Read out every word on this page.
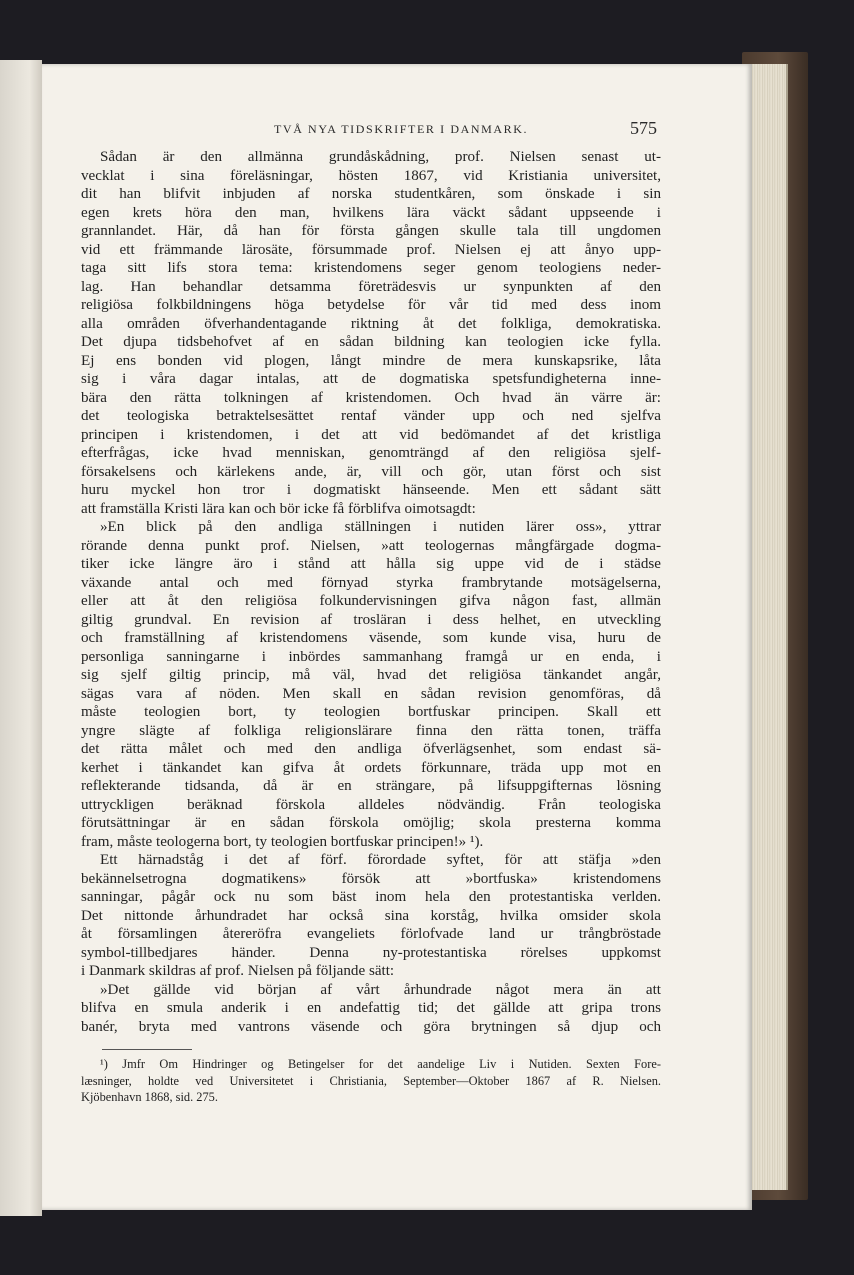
TVÅ NYA TIDSKRIFTER I DANMARK.	575
Sådan är den allmänna grundåskådning, prof. Nielsen senast ut-
vecklat i sina föreläsningar, hösten 1867, vid Kristiania universitet,
dit han blifvit inbjuden af norska studentkåren, som önskade i sin
egen krets höra den man, hvilkens lära väckt sådant uppseende i
grannlandet. Här, då han för första gången skulle tala till ungdomen
vid ett främmande lärosäte, försummade prof. Nielsen ej att ånyo upp-
taga sitt lifs stora tema: kristendomens seger genom teologiens neder-
lag. Han behandlar detsamma företrädesvis ur synpunkten af den
religiösa folkbildningens höga betydelse för vår tid med dess inom
alla områden öfverhandentagande riktning åt det folkliga, demokratiska.
Det djupa tidsbehofvet af en sådan bildning kan teologien icke fylla.
Ej ens bonden vid plogen, långt mindre de mera kunskapsrike, låta
sig i våra dagar intalas, att de dogmatiska spetsfundigheterna inne-
bära den rätta tolkningen af kristendomen. Och hvad än värre är:
det teologiska betraktelsesättet rentaf vänder upp och ned sjelfva
principen i kristendomen, i det att vid bedömandet af det kristliga
efterfrågas, icke hvad menniskan, genomträngd af den religiösa sjelf-
försakelsens och kärlekens ande, är, vill och gör, utan först och sist
huru myckel hon tror i dogmatiskt hänseende. Men ett sådant sätt
att framställa Kristi lära kan och bör icke få förblifva oimotsagdt:
»En blick på den andliga ställningen i nutiden lärer oss», yttrar
rörande denna punkt prof. Nielsen, »att teologernas mångfärgade dogma-
tiker icke längre äro i stånd att hålla sig uppe vid de i städse
växande antal och med förnyad styrka frambrytande motsägelserna,
eller att åt den religiösa folkundervisningen gifva någon fast, allmän
giltig grundval. En revision af trosläran i dess helhet, en utveckling
och framställning af kristendomens väsende, som kunde visa, huru de
personliga sanningarne i inbördes sammanhang framgå ur en enda, i
sig sjelf giltig princip, må väl, hvad det religiösa tänkandet angår,
sägas vara af nöden. Men skall en sådan revision genomföras, då
måste teologien bort, ty teologien bortfuskar principen. Skall ett
yngre slägte af folkliga religionslärare finna den rätta tonen, träffa
det rätta målet och med den andliga öfverlägsenhet, som endast sä-
kerhet i tänkandet kan gifva åt ordets förkunnare, träda upp mot en
reflekterande tidsanda, då är en strängare, på lifsuppgifternas lösning
uttryckligen beräknad förskola alldeles nödvändig. Från teologiska
förutsättningar är en sådan förskola omöjlig; skola presterna komma
fram, måste teologerna bort, ty teologien bortfuskar principen!» ¹).
Ett härnadståg i det af förf. förordade syftet, för att stäfja »den
bekännelsetrogna dogmatikens» försök att »bortfuska» kristendomens
sanningar, pågår ock nu som bäst inom hela den protestantiska verlden.
Det nittonde århundradet har också sina korståg, hvilka omsider skola
åt församlingen återeröfra evangeliets förlofvade land ur trångbröstade
symbol-tillbedjares händer. Denna ny-protestantiska rörelses uppkomst
i Danmark skildras af prof. Nielsen på följande sätt:
»Det gällde vid början af vårt århundrade något mera än att
blifva en smula anderik i en andefattig tid; det gällde att gripa trons
banér, bryta med vantrons väsende och göra brytningen så djup och
¹) Jmfr Om Hindringer og Betingelser for det aandelige Liv i Nutiden. Sexten Fore-
læsninger, holdte ved Universitetet i Christiania, September—Oktober 1867 af R. Nielsen.
Kjöbenhavn 1868, sid. 275.
